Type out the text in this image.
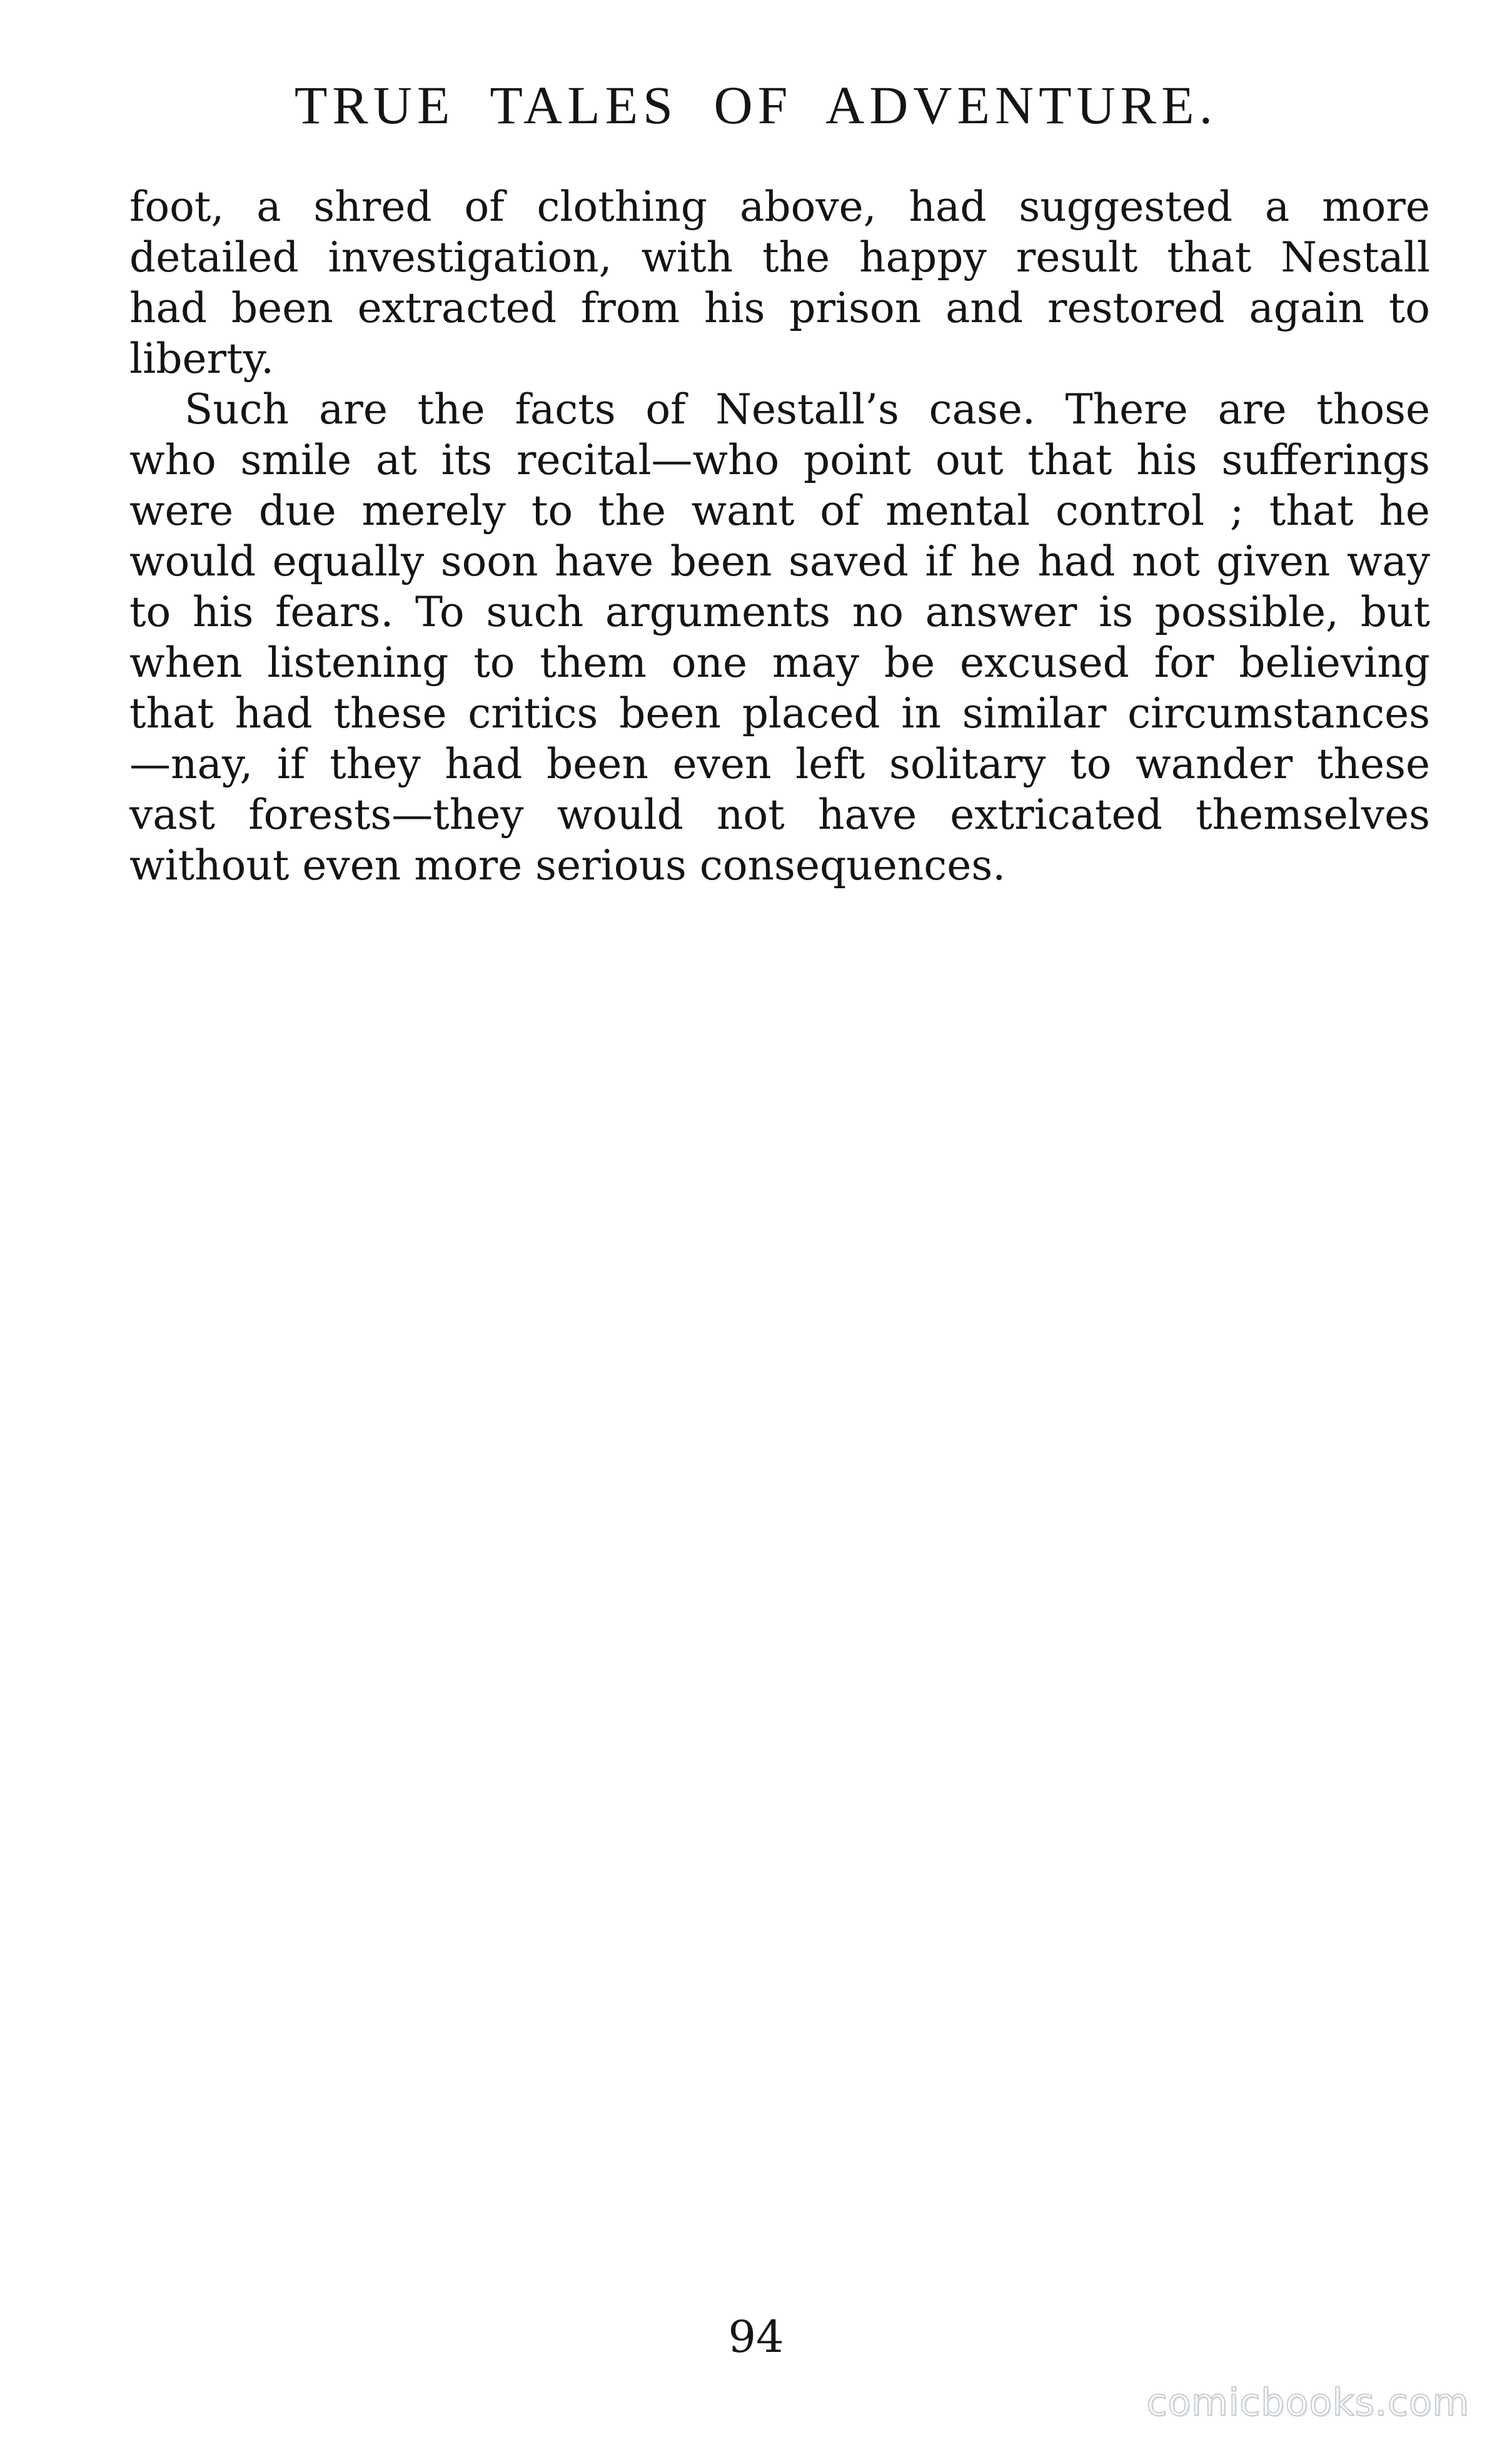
TRUE TALES OF ADVENTURE.
foot, a shred of clothing above, had suggested a more
detailed investigation, with the happy result that Nestall
had been extracted from his prison and restored again to
liberty.
Such are the facts of Nestall’s case. There are those
who smile at its recital—who point out that his sufferings
were due merely to the want of mental control ; that he
would equally soon have been saved if he had not given way
to his fears. To such arguments no answer is possible, but
when listening to them one may be excused for believing
that had these critics been placed in similar circumstances
—nay, if they had been even left solitary to wander these
vast forests—they would not have extricated themselves
without even more serious consequences.
94
comicbooks.com
